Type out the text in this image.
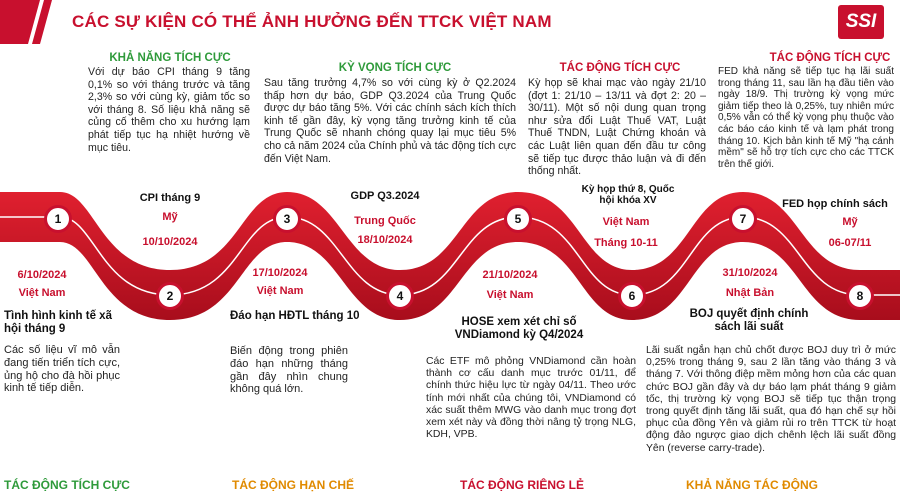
CÁC SỰ KIỆN CÓ THỂ ẢNH HƯỞNG ĐẾN TTCK VIỆT NAM	SSI
1
2
3
4
5
6
7
8
KHẢ NĂNG TÍCH CỰC
Với dự báo CPI tháng 9 tăng 0,1% so với tháng trước và tăng 2,3% so với cùng kỳ, giảm tốc so với tháng 8. Số liệu khả năng sẽ củng cố thêm cho xu hướng lạm phát tiếp tục hạ nhiệt hướng về mục tiêu.
CPI tháng 9
Mỹ
10/10/2024
KỲ VỌNG TÍCH CỰC
Sau tăng trưởng 4,7% so với cùng kỳ ở Q2.2024 thấp hơn dự báo, GDP Q3.2024 của Trung Quốc được dự báo tăng 5%. Với các chính sách kích thích kinh tế gần đây, kỳ vọng tăng trưởng kinh tế của Trung Quốc sẽ nhanh chóng quay lại mục tiêu 5% cho cả năm 2024 của Chính phủ và tác động tích cực đến Việt Nam.
GDP Q3.2024
Trung Quốc
18/10/2024
TÁC ĐỘNG TÍCH CỰC
Kỳ họp sẽ khai mạc vào ngày 21/10 (đợt 1: 21/10 – 13/11 và đợt 2: 20 – 30/11). Một số nội dung quan trọng như sửa đổi Luật Thuế VAT, Luật Thuế TNDN, Luật Chứng khoán và các Luật liên quan đến đầu tư công sẽ tiếp tục được thảo luận và đi đến thống nhất.
Kỳ họp thứ 8, Quốc hội khóa XV
Việt Nam
Tháng 10-11
TÁC ĐỘNG TÍCH CỰC
FED khả năng sẽ tiếp tục hạ lãi suất trong tháng 11, sau lần hạ đầu tiên vào ngày 18/9. Thị trường kỳ vọng mức giảm tiếp theo là 0,25%, tuy nhiên mức 0,5% vẫn có thể kỳ vọng phụ thuộc vào các báo cáo kinh tế và lạm phát trong tháng 10. Kịch bản kinh tế Mỹ "hạ cánh mềm" sẽ hỗ trợ tích cực cho các TTCK trên thế giới.
FED họp chính sách
Mỹ
06-07/11
6/10/2024
Việt Nam
Tình hình kinh tế xã hội tháng 9
Các số liệu vĩ mô vẫn đang tiến triển tích cực, ủng hộ cho đà hồi phục kinh tế tiếp diễn.
17/10/2024
Việt Nam
Đáo hạn HĐTL tháng 10
Biến động trong phiên đáo hạn những tháng gần đây nhìn chung không quá lớn.
21/10/2024
Việt Nam
HOSE xem xét chỉ số VNDiamond kỳ Q4/2024
Các ETF mô phỏng VNDiamond cần hoàn thành cơ cấu danh mục trước 01/11, để chính thức hiệu lực từ ngày 04/11. Theo ước tính mới nhất của chúng tôi, VNDiamond có xác suất thêm MWG vào danh mục trong đợt xem xét này và đồng thời nâng tỷ trọng NLG, KDH, VPB.
31/10/2024
Nhật Bản
BOJ quyết định chính sách lãi suất
Lãi suất ngắn hạn chủ chốt được BOJ duy trì ở mức 0,25% trong tháng 9, sau 2 lần tăng vào tháng 3 và tháng 7. Với thông điệp mềm mỏng hơn của các quan chức BOJ gần đây và dự báo lạm phát tháng 9 giảm tốc, thị trường kỳ vọng BOJ sẽ tiếp tục thận trọng trong quyết định tăng lãi suất, qua đó hạn chế sự hồi phục của đồng Yên và giảm rủi ro trên TTCK từ hoạt động đảo ngược giao dịch chênh lệch lãi suất đồng Yên (reverse carry-trade).
TÁC ĐỘNG TÍCH CỰC	TÁC ĐỘNG HẠN CHẾ	TÁC ĐỘNG RIÊNG LẺ	KHẢ NĂNG TÁC ĐỘNG
